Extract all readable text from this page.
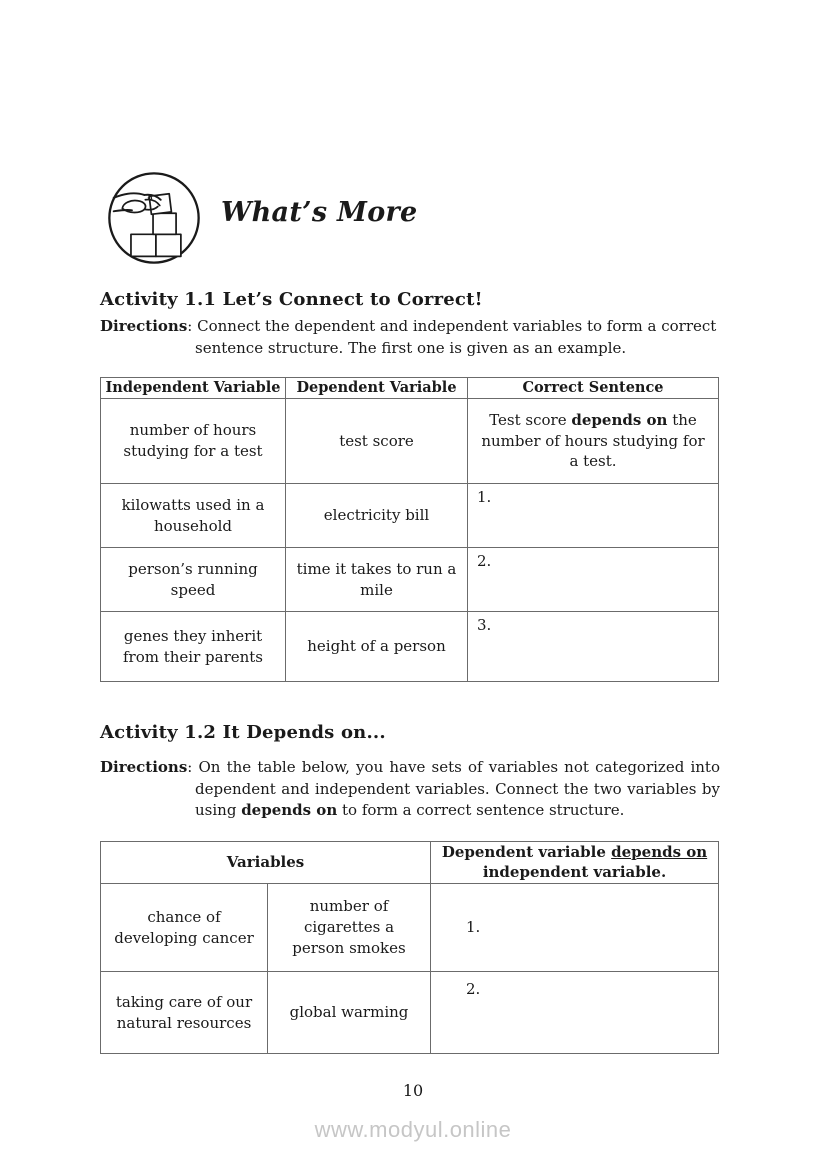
What’s More
Activity 1.1 Let’s Connect to Correct!
Directions: Connect the dependent and independent variables to form a correct
sentence structure. The first one is given as an example.
Independent Variable	Dependent Variable	Correct Sentence
number of hours studying for a test	test score	Test score depends on the number of hours studying for a test.
kilowatts used in a household	electricity bill	1.
person’s running speed	time it takes to run a mile	2.
genes they inherit from their parents	height of a person	3.
Activity 1.2 It Depends on...
Directions: On the table below, you have sets of variables not categorized into
dependent and independent variables. Connect the two variables by
using depends on to form a correct sentence structure.
Variables		Dependent variable depends on independent variable.
chance of developing cancer	number of cigarettes a person smokes	1.
taking care of our natural resources	global warming	2.
10
www.modyul.online
